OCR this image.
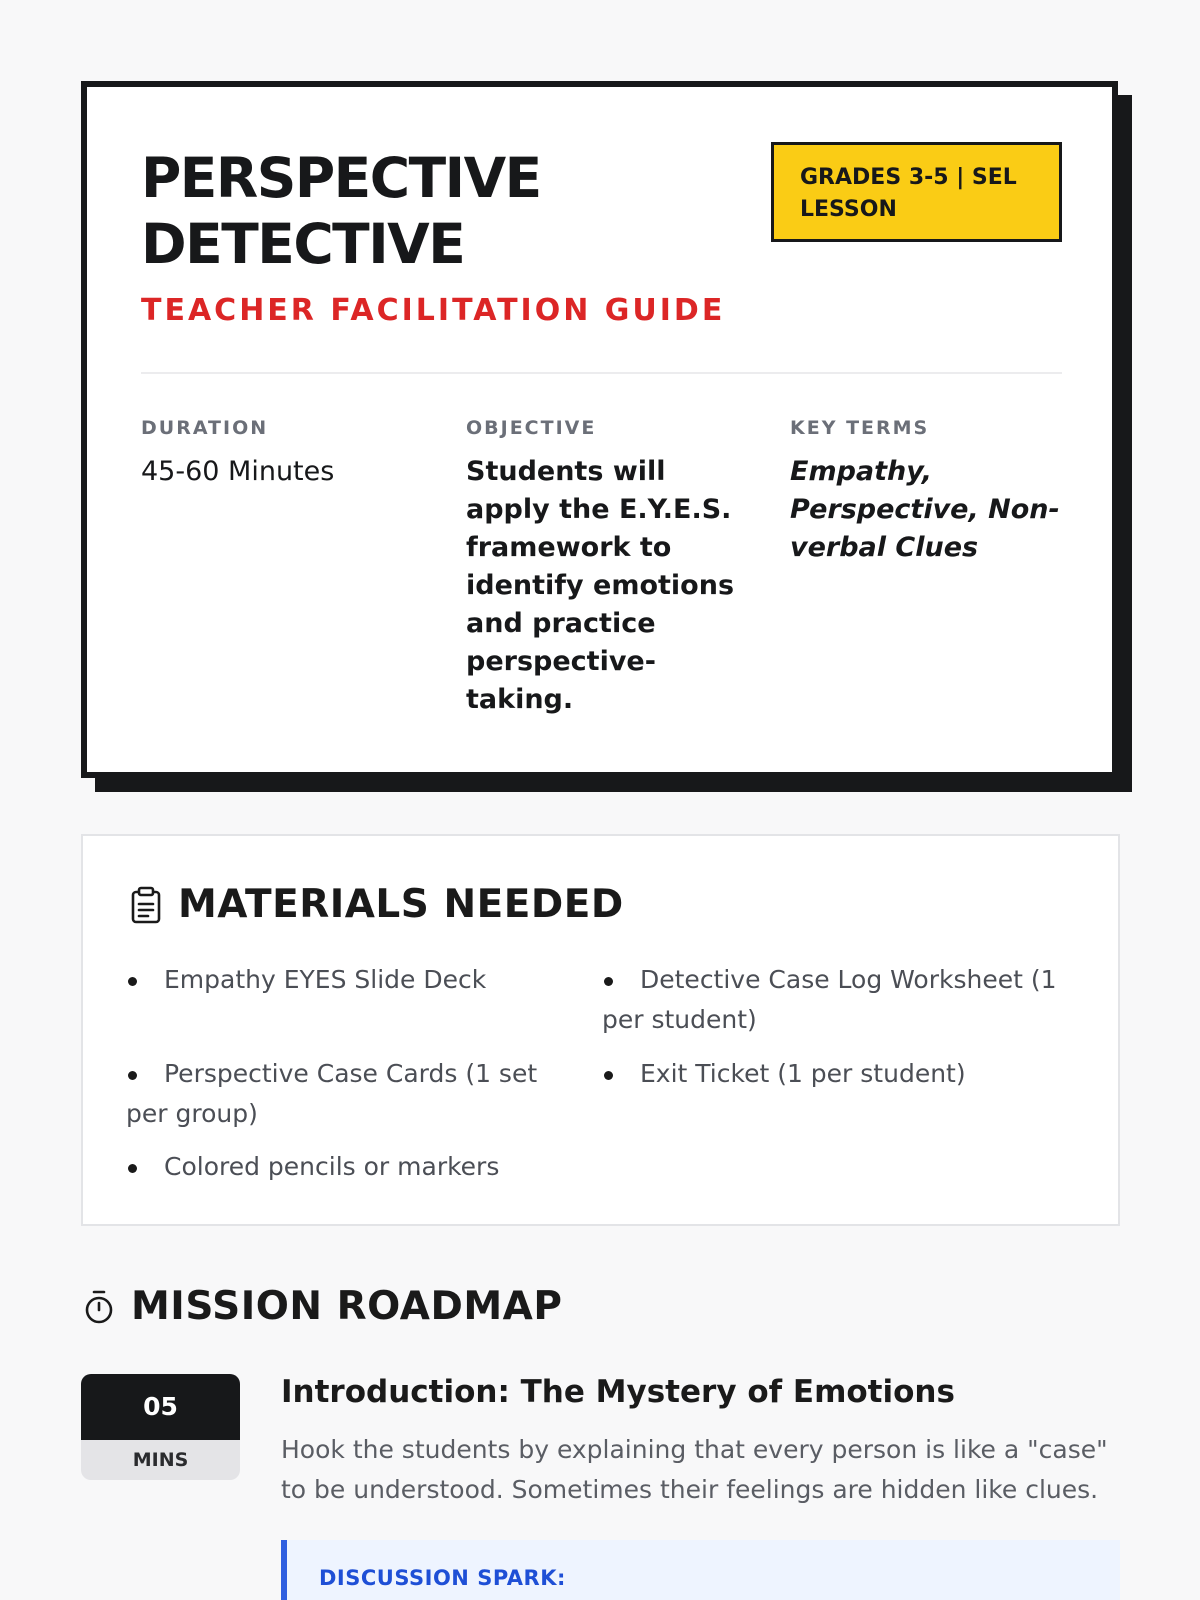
PERSPECTIVE DETECTIVE
TEACHER FACILITATION GUIDE
GRADES 3-5 | SEL LESSON
DURATION
45-60 Minutes
OBJECTIVE
Students will apply the E.Y.E.S. framework to identify emotions and practice perspective-taking.
KEY TERMS
Empathy, Perspective, Non-verbal Clues
MATERIALS NEEDED
Empathy EYES Slide Deck	Detective Case Log Worksheet (1 per student)
Perspective Case Cards (1 set per group)
Exit Ticket (1 per student)
Colored pencils or markers
MISSION ROADMAP
05
MINS
Introduction: The Mystery of Emotions
Hook the students by explaining that every person is like a "case" to be understood. Sometimes their feelings are hidden like clues.
DISCUSSION SPARK:
